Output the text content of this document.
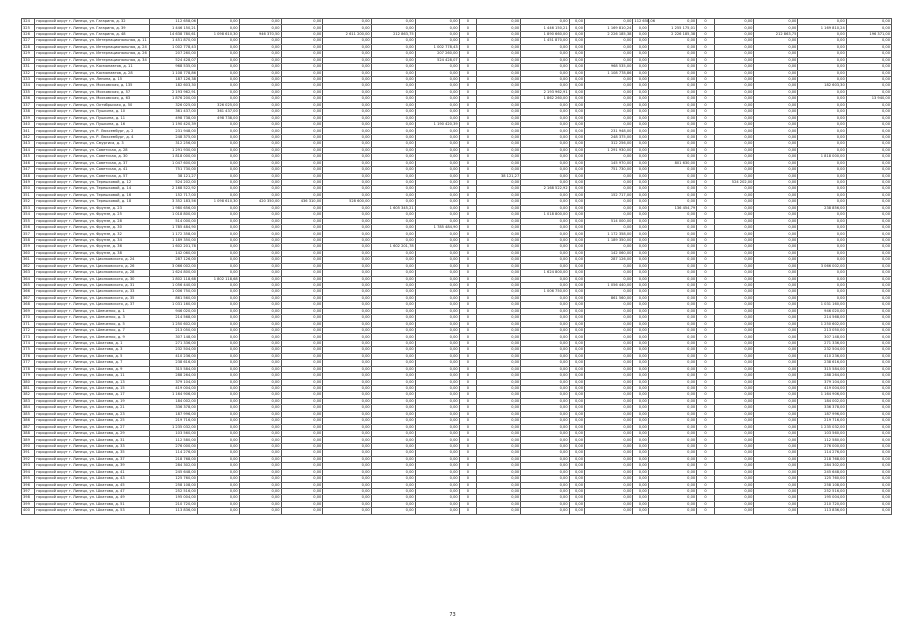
324	городской округ г. Липецк, ул. Гагарина, д. 32	112 658,06	0,00	0,00	0,00	0,00	0,00	0,00	0	0,00	0,00	0,00	0,00	112 658,06	0,00	0	0,00	0,00	0,00	0,00
325	городской округ г. Липецк, ул. Гагарина, д. 39	1 446 150,21	0,00	0,00	0,00	0,00	0,00	0,00	0	0,00	1 446 150,21	0,00	1 169 810,24	0,00	1 255 175,01	0	0,00	0,00	1 169 810,24	0,00
326	городской округ г. Липецк, ул. Гагарина, д. 48	14 638 780,61	1 098 610,30	946 370,50	0,00	2 611 200,00	212 863,75	0,00	0	0,00	1 890 660,00	0,00	2 226 185,38	0,00	2 226 185,38	0	0,00	212 863,75	0,00	196 371,00
327	городской округ г. Липецк, ул. Интернациональная, д. 11	1 451 870,00	0,00	0,00	0,00	0,00	0,00	0,00	0	0,00	1 451 870,00	0,00	0,00	0,00	0,00	0	0,00	0,00	0,00	0,00
328	городской округ г. Липецк, ул. Интернациональная, д. 24	1 002 778,43	0,00	0,00	0,00	0,00	0,00	1 002 778,43	0	0,00	0,00	0,00	0,00	0,00	0,00	0	0,00	0,00	0,00	0,00
329	городской округ г. Липецк, ул. Интернациональная, д. 26	207 260,00	0,00	0,00	0,00	0,00	0,00	207 260,00	0	0,00	0,00	0,00	0,00	0,00	0,00	0	0,00	0,00	0,00	0,00
330	городской округ г. Липецк, ул. Интернациональная, д. 34	524 428,07	0,00	0,00	0,00	0,00	0,00	524 428,07	0	0,00	0,00	0,00	0,00	0,00	0,00	0	0,00	0,00	0,00	0,00
331	городской округ г. Липецк, ул. Космонавтов, д. 11	968 535,00	0,00	0,00	0,00	0,00	0,00	0,00	0	0,00	0,00	0,00	968 535,00	0,00	0,00	0	0,00	0,00	0,00	0,00
332	городской округ г. Липецк, ул. Космонавтов, д. 28	1 108 778,86	0,00	0,00	0,00	0,00	0,00	0,00	0	0,00	0,00	0,00	1 108 778,86	0,00	0,00	0	0,00	0,00	0,00	0,00
333	городской округ г. Липецк, ул. Ленина, д. 15	187 126,38	0,00	0,00	0,00	0,00	0,00	0,00	0	0,00	0,00	0,00	0,00	0,00	0,00	0	0,00	0,00	0,00	0,00
334	городской округ г. Липецк, ул. Московская, д. 135	182 603,30	0,00	0,00	0,00	0,00	0,00	0,00	0	0,00	0,00	0,00	0,00	0,00	0,00	0	0,00	0,00	182 603,30	0,00
335	городской округ г. Липецк, ул. Московская, д. 57	2 193 962,91	0,00	0,00	0,00	0,00	0,00	0,00	0	0,00	2 193 962,91	0,00	0,00	0,00	0,00	0	0,00	0,00	0,00	0,00
336	городской округ г. Липецк, ул. Московская, д. 63	1 876 200,00	0,00	0,00	0,00	0,00	0,00	0,00	0	0,00	1 862 260,00	0,00	0,00	0,00	0,00	0	0,00	0,00	0,00	13 940,00
337	городской округ г. Липецк, ул. Октябрьская, д. 50	326 025,00	326 025,00	0,00	0,00	0,00	0,00	0,00	0	0,00	0,00	0,00	0,00	0,00	0,00	0	0,00	0,00	0,00	0,00
338	городской округ г. Липецк, ул. Пушкина, д. 10	361 437,00	361 437,00	0,00	0,00	0,00	0,00	0,00	0	0,00	0,00	0,00	0,00	0,00	0,00	0	0,00	0,00	0,00	0,00
339	городской округ г. Липецк, ул. Пушкина, д. 11	498 738,00	498 738,00	0,00	0,00	0,00	0,00	0,00	0	0,00	0,00	0,00	0,00	0,00	0,00	0	0,00	0,00	0,00	0,00
340	городской округ г. Липецк, ул. Пушкина, д. 16	1 190 420,39	0,00	0,00	0,00	0,00	0,00	1 190 420,39	0	0,00	0,00	0,00	0,00	0,00	0,00	0	0,00	0,00	0,00	0,00
341	городской округ г. Липецк, ул. Р. Люксембург, д. 2	231 948,00	0,00	0,00	0,00	0,00	0,00	0,00	0	0,00	0,00	0,00	231 948,00	0,00	0,00	0	0,00	0,00	0,00	0,00
342	городской округ г. Липецк, ул. Р. Люксембург, д. 4	248 375,00	0,00	0,00	0,00	0,00	0,00	0,00	0	0,00	0,00	0,00	248 375,00	0,00	0,00	0	0,00	0,00	0,00	0,00
343	городской округ г. Липецк, ул. Смургиса, д. 3	312 256,00	0,00	0,00	0,00	0,00	0,00	0,00	0	0,00	0,00	0,00	312 256,00	0,00	0,00	0	0,00	0,00	0,00	0,00
344	городской округ г. Липецк, ул. Советская, д. 28	1 291 930,00	0,00	0,00	0,00	0,00	0,00	0,00	0	0,00	0,00	0,00	1 291 930,00	0,00	0,00	0	0,00	0,00	0,00	0,00
345	городской округ г. Липецк, ул. Советская, д. 30	1 818 000,00	0,00	0,00	0,00	0,00	0,00	0,00	0	0,00	0,00	0,00	0,00	0,00	0,00	0	0,00	0,00	1 818 000,00	0,00
346	городской округ г. Липецк, ул. Советская, д. 37	1 047 600,00	0,00	0,00	0,00	0,00	0,00	0,00	0	0,00	0,00	0,00	145 970,00	0,00	801 630,00	0	0,00	0,00	0,00	0,00
347	городской округ г. Липецк, ул. Советская, д. 41	751 730,00	0,00	0,00	0,00	0,00	0,00	0,00	0	0,00	0,00	0,00	751 730,00	0,00	0,00	0	0,00	0,00	0,00	0,00
348	городской округ г. Липецк, ул. Советская, д. 57	38 121,27	0,00	0,00	0,00	0,00	0,00	0,00	0	38 121,27	0,00	0,00	0,00	0,00	0,00	0	0,00	0,00	0,00	0,00
349	городской округ г. Липецк, ул. Терешковой, д. 12	524 202,00	0,00	0,00	0,00	0,00	0,00	0,00	0	0,00	0,00	0,00	0,00	0,00	0,00	0	524 202,00	0,00	0,00	0,00
350	городской округ г. Липецк, ул. Терешковой, д. 14	2 168 522,92	0,00	0,00	0,00	0,00	0,00	0,00	0	0,00	2 168 522,92	0,00	0,00	0,00	0,00	0	0,00	0,00	0,00	0,00
351	городской округ г. Липецк, ул. Терешковой, д. 16	152 717,00	0,00	0,00	0,00	0,00	0,00	0,00	0	0,00	0,00	0,00	152 717,00	0,00	0,00	0	0,00	0,00	0,00	0,00
352	городской округ г. Липецк, ул. Терешковой, д. 18	3 352 183,56	1 098 610,30	420 350,00	436 310,00	528 600,00	0,00	0,00	0	0,00	0,00	0,00	0,00	0,00	0,00	0	0,00	0,00	0,00	0,00
353	городской округ г. Липецк, ул. Фрунзе, д. 23	1 980 656,00	0,00	0,00	0,00	0,00	1 605 345,21	0,00	0	0,00	0,00	0,00	0,00	0,00	136 454,79	0	0,00	0,00	238 856,00	0,00
354	городской округ г. Липецк, ул. Фрунзе, д. 25	1 018 800,00	0,00	0,00	0,00	0,00	0,00	0,00	0	0,00	1 018 800,00	0,00	0,00	0,00	0,00	0	0,00	0,00	0,00	0,00
355	городской округ г. Липецк, ул. Фрунзе, д. 28	514 000,00	0,00	0,00	0,00	0,00	0,00	0,00	0	0,00	0,00	0,00	514 000,00	0,00	0,00	0	0,00	0,00	0,00	0,00
356	городской округ г. Липецк, ул. Фрунзе, д. 30	1 785 484,90	0,00	0,00	0,00	0,00	0,00	1 785 484,90	0	0,00	0,00	0,00	0,00	0,00	0,00	0	0,00	0,00	0,00	0,00
357	городской округ г. Липецк, ул. Фрунзе, д. 32	1 172 358,00	0,00	0,00	0,00	0,00	0,00	0,00	0	0,00	0,00	0,00	1 172 358,00	0,00	0,00	0	0,00	0,00	0,00	0,00
358	городской округ г. Липецк, ул. Фрунзе, д. 34	1 189 350,00	0,00	0,00	0,00	0,00	0,00	0,00	0	0,00	0,00	0,00	1 189 350,00	0,00	0,00	0	0,00	0,00	0,00	0,00
359	городской округ г. Липецк, ул. Фрунзе, д. 36	1 602 201,78	0,00	0,00	0,00	0,00	1 602 201,78	0,00	0	0,00	0,00	0,00	0,00	0,00	0,00	0	0,00	0,00	0,00	0,00
360	городской округ г. Липецк, ул. Фрунзе, д. 38	142 060,00	0,00	0,00	0,00	0,00	0,00	0,00	0	0,00	0,00	0,00	142 060,00	0,00	0,00	0	0,00	0,00	0,00	0,00
361	городской округ г. Липецк, ул. Циолковского, д. 24	287 126,00	0,00	0,00	0,00	0,00	0,00	0,00	0	0,00	0,00	0,00	287 126,00	0,00	0,00	0	0,00	0,00	0,00	0,00
362	городской округ г. Липецк, ул. Циолковского, д. 26	3 066 002,00	0,00	0,00	0,00	0,00	0,00	0,00	0	0,00	0,00	0,00	0,00	0,00	0,00	0	0,00	0,00	3 066 002,00	0,00
363	городской округ г. Липецк, ул. Циолковского, д. 28	1 624 800,00	0,00	0,00	0,00	0,00	0,00	0,00	0	0,00	1 624 800,00	0,00	0,00	0,00	0,00	0	0,00	0,00	0,00	0,00
364	городской округ г. Липецк, ул. Циолковского, д. 30	1 802 118,68	1 802 118,68	0,00	0,00	0,00	0,00	0,00	0	0,00	0,00	0,00	0,00	0,00	0,00	0	0,00	0,00	0,00	0,00
365	городской округ г. Липецк, ул. Циолковского, д. 31	1 056 440,00	0,00	0,00	0,00	0,00	0,00	0,00	0	0,00	0,00	0,00	1 056 440,00	0,00	0,00	0	0,00	0,00	0,00	0,00
366	городской округ г. Липецк, ул. Циолковского, д. 33	1 006 750,00	0,00	0,00	0,00	0,00	0,00	0,00	0	0,00	1 006 750,00	0,00	0,00	0,00	0,00	0	0,00	0,00	0,00	0,00
367	городской округ г. Липецк, ул. Циолковского, д. 35	861 560,00	0,00	0,00	0,00	0,00	0,00	0,00	0	0,00	0,00	0,00	861 560,00	0,00	0,00	0	0,00	0,00	0,00	0,00
368	городской округ г. Липецк, ул. Циолковского, д. 37	1 031 160,00	0,00	0,00	0,00	0,00	0,00	0,00	0	0,00	0,00	0,00	0,00	0,00	0,00	0	0,00	0,00	1 031 160,00	0,00
369	городской округ г. Липецк, ул. Шевченко, д. 1	946 020,00	0,00	0,00	0,00	0,00	0,00	0,00	0	0,00	0,00	0,00	0,00	0,00	0,00	0	0,00	0,00	946 020,00	0,00
370	городской округ г. Липецк, ул. Шевченко, д. 3	214 568,00	0,00	0,00	0,00	0,00	0,00	0,00	0	0,00	0,00	0,00	0,00	0,00	0,00	0	0,00	0,00	214 568,00	0,00
371	городской округ г. Липецк, ул. Шевченко, д. 5	1 250 602,00	0,00	0,00	0,00	0,00	0,00	0,00	0	0,00	0,00	0,00	0,00	0,00	0,00	0	0,00	0,00	1 250 602,00	0,00
372	городской округ г. Липецк, ул. Шевченко, д. 7	213 050,00	0,00	0,00	0,00	0,00	0,00	0,00	0	0,00	0,00	0,00	0,00	0,00	0,00	0	0,00	0,00	213 050,00	0,00
373	городской округ г. Липецк, ул. Шевченко, д. 9	307 148,00	0,00	0,00	0,00	0,00	0,00	0,00	0	0,00	0,00	0,00	0,00	0,00	0,00	0	0,00	0,00	307 148,00	0,00
374	городской округ г. Липецк, ул. Шкатова, д. 1	271 336,00	0,00	0,00	0,00	0,00	0,00	0,00	0	0,00	0,00	0,00	0,00	0,00	0,00	0	0,00	0,00	271 336,00	0,00
375	городской округ г. Липецк, ул. Шкатова, д. 3	232 504,00	0,00	0,00	0,00	0,00	0,00	0,00	0	0,00	0,00	0,00	0,00	0,00	0,00	0	0,00	0,00	232 504,00	0,00
376	городской округ г. Липецк, ул. Шкатова, д. 5	410 236,00	0,00	0,00	0,00	0,00	0,00	0,00	0	0,00	0,00	0,00	0,00	0,00	0,00	0	0,00	0,00	410 236,00	0,00
377	городской округ г. Липецк, ул. Шкатова, д. 7	238 616,00	0,00	0,00	0,00	0,00	0,00	0,00	0	0,00	0,00	0,00	0,00	0,00	0,00	0	0,00	0,00	238 616,00	0,00
378	городской округ г. Липецк, ул. Шкатова, д. 9	315 584,00	0,00	0,00	0,00	0,00	0,00	0,00	0	0,00	0,00	0,00	0,00	0,00	0,00	0	0,00	0,00	315 584,00	0,00
379	городской округ г. Липецк, ул. Шкатова, д. 11	288 264,00	0,00	0,00	0,00	0,00	0,00	0,00	0	0,00	0,00	0,00	0,00	0,00	0,00	0	0,00	0,00	288 264,00	0,00
380	городской округ г. Липецк, ул. Шкатова, д. 13	379 104,00	0,00	0,00	0,00	0,00	0,00	0,00	0	0,00	0,00	0,00	0,00	0,00	0,00	0	0,00	0,00	379 104,00	0,00
381	городской округ г. Липецк, ул. Шкатова, д. 15	419 004,00	0,00	0,00	0,00	0,00	0,00	0,00	0	0,00	0,00	0,00	0,00	0,00	0,00	0	0,00	0,00	419 004,00	0,00
382	городской округ г. Липецк, ул. Шкатова, д. 17	1 164 906,00	0,00	0,00	0,00	0,00	0,00	0,00	0	0,00	0,00	0,00	0,00	0,00	0,00	0	0,00	0,00	1 164 906,00	0,00
383	городской округ г. Липецк, ул. Шкатова, д. 19	184 002,00	0,00	0,00	0,00	0,00	0,00	0,00	0	0,00	0,00	0,00	0,00	0,00	0,00	0	0,00	0,00	184 002,00	0,00
384	городской округ г. Липецк, ул. Шкатова, д. 21	336 378,00	0,00	0,00	0,00	0,00	0,00	0,00	0	0,00	0,00	0,00	0,00	0,00	0,00	0	0,00	0,00	336 378,00	0,00
385	городской округ г. Липецк, ул. Шкатова, д. 23	187 996,00	0,00	0,00	0,00	0,00	0,00	0,00	0	0,00	0,00	0,00	0,00	0,00	0,00	0	0,00	0,00	187 996,00	0,00
386	городской округ г. Липецк, ул. Шкатова, д. 25	219 716,00	0,00	0,00	0,00	0,00	0,00	0,00	0	0,00	0,00	0,00	0,00	0,00	0,00	0	0,00	0,00	219 716,00	0,00
387	городской округ г. Липецк, ул. Шкатова, д. 27	1 235 032,00	0,00	0,00	0,00	0,00	0,00	0,00	0	0,00	0,00	0,00	0,00	0,00	0,00	0	0,00	0,00	1 235 032,00	0,00
388	городской округ г. Липецк, ул. Шкатова, д. 29	103 560,00	0,00	0,00	0,00	0,00	0,00	0,00	0	0,00	0,00	0,00	0,00	0,00	0,00	0	0,00	0,00	103 560,00	0,00
389	городской округ г. Липецк, ул. Шкатова, д. 31	112 580,00	0,00	0,00	0,00	0,00	0,00	0,00	0	0,00	0,00	0,00	0,00	0,00	0,00	0	0,00	0,00	112 580,00	0,00
390	городской округ г. Липецк, ул. Шкатова, д. 33	276 000,00	0,00	0,00	0,00	0,00	0,00	0,00	0	0,00	0,00	0,00	0,00	0,00	0,00	0	0,00	0,00	276 000,00	0,00
391	городской округ г. Липецк, ул. Шкатова, д. 35	114 276,00	0,00	0,00	0,00	0,00	0,00	0,00	0	0,00	0,00	0,00	0,00	0,00	0,00	0	0,00	0,00	114 276,00	0,00
392	городской округ г. Липецк, ул. Шкатова, д. 37	218 768,00	0,00	0,00	0,00	0,00	0,00	0,00	0	0,00	0,00	0,00	0,00	0,00	0,00	0	0,00	0,00	218 768,00	0,00
393	городской округ г. Липецк, ул. Шкатова, д. 39	284 302,00	0,00	0,00	0,00	0,00	0,00	0,00	0	0,00	0,00	0,00	0,00	0,00	0,00	0	0,00	0,00	284 302,00	0,00
394	городской округ г. Липецк, ул. Шкатова, д. 41	245 648,00	0,00	0,00	0,00	0,00	0,00	0,00	0	0,00	0,00	0,00	0,00	0,00	0,00	0	0,00	0,00	245 648,00	0,00
395	городской округ г. Липецк, ул. Шкатова, д. 43	125 760,00	0,00	0,00	0,00	0,00	0,00	0,00	0	0,00	0,00	0,00	0,00	0,00	0,00	0	0,00	0,00	125 760,00	0,00
396	городской округ г. Липецк, ул. Шкатова, д. 45	258 108,00	0,00	0,00	0,00	0,00	0,00	0,00	0	0,00	0,00	0,00	0,00	0,00	0,00	0	0,00	0,00	258 108,00	0,00
397	городской округ г. Липецк, ул. Шкатова, д. 47	252 516,00	0,00	0,00	0,00	0,00	0,00	0,00	0	0,00	0,00	0,00	0,00	0,00	0,00	0	0,00	0,00	252 516,00	0,00
398	городской округ г. Липецк, ул. Шкатова, д. 49	195 004,00	0,00	0,00	0,00	0,00	0,00	0,00	0	0,00	0,00	0,00	0,00	0,00	0,00	0	0,00	0,00	195 004,00	0,00
399	городской округ г. Липецк, ул. Шкатова, д. 51	210 720,00	0,00	0,00	0,00	0,00	0,00	0,00	0	0,00	0,00	0,00	0,00	0,00	0,00	0	0,00	0,00	210 720,00	0,00
400	городской округ г. Липецк, ул. Шкатова, д. 53	113 836,00	0,00	0,00	0,00	0,00	0,00	0,00	0	0,00	0,00	0,00	0,00	0,00	0,00	0	0,00	0,00	113 836,00	0,00
73
